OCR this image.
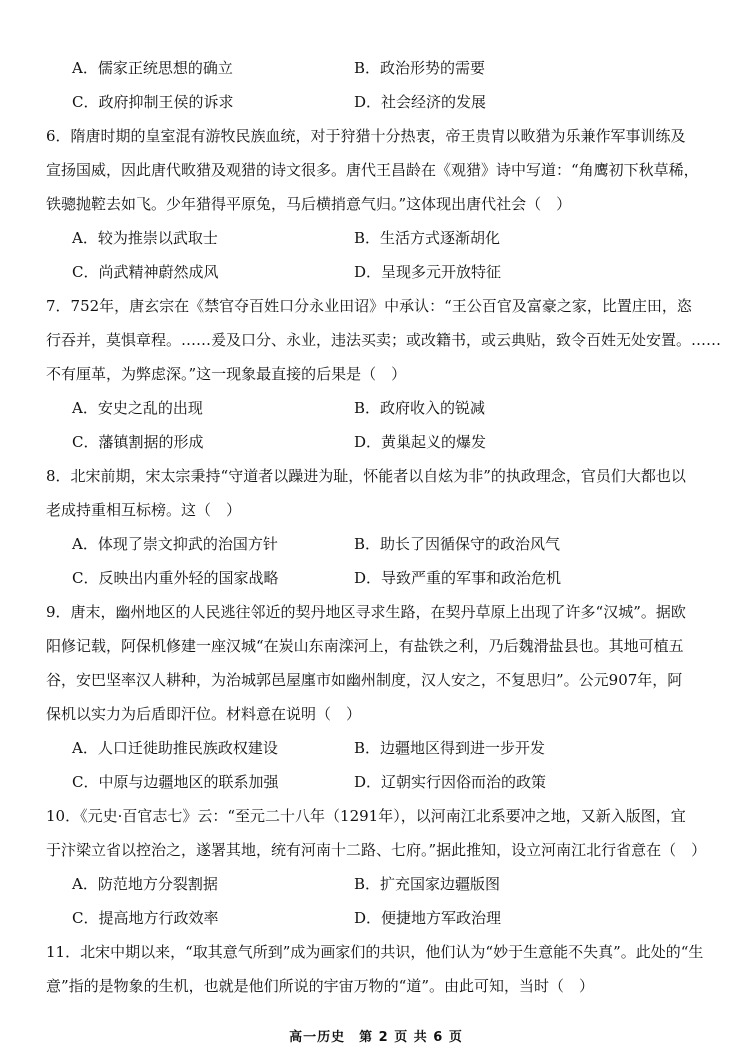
A．儒家正统思想的确立	B．政治形势的需要
C．政府抑制王侯的诉求	D．社会经济的发展
6．隋唐时期的皇室混有游牧民族血统，对于狩猎十分热衷，帝王贵胄以畋猎为乐兼作军事训练及
宣扬国威，因此唐代畋猎及观猎的诗文很多。唐代王昌龄在《观猎》诗中写道：“角鹰初下秋草稀，
铁骢抛鞚去如飞。少年猎得平原兔，马后横捎意气归。”这体现出唐代社会（　）
A．较为推崇以武取士	B．生活方式逐渐胡化
C．尚武精神蔚然成风	D．呈现多元开放特征
7．752年，唐玄宗在《禁官夺百姓口分永业田诏》中承认：“王公百官及富豪之家，比置庄田，恣
行吞并，莫惧章程。……爰及口分、永业，违法买卖；或改籍书，或云典贴，致令百姓无处安置。……
不有厘革，为弊虑深。”这一现象最直接的后果是（　）
A．安史之乱的出现	B．政府收入的锐减
C．藩镇割据的形成	D．黄巢起义的爆发
8．北宋前期，宋太宗秉持“守道者以躁进为耻，怀能者以自炫为非”的执政理念，官员们大都也以
老成持重相互标榜。这（　）
A．体现了崇文抑武的治国方针	B．助长了因循保守的政治风气
C．反映出内重外轻的国家战略	D．导致严重的军事和政治危机
9．唐末，幽州地区的人民逃往邻近的契丹地区寻求生路，在契丹草原上出现了许多“汉城”。据欧
阳修记载，阿保机修建一座汉城“在炭山东南滦河上，有盐铁之利，乃后魏滑盐县也。其地可植五
谷，安巴坚率汉人耕种，为治城郭邑屋廛市如幽州制度，汉人安之，不复思归”。公元907年，阿
保机以实力为后盾即汗位。材料意在说明（　）
A．人口迁徙助推民族政权建设	B．边疆地区得到进一步开发
C．中原与边疆地区的联系加强	D．辽朝实行因俗而治的政策
10．《元史·百官志七》云：“至元二十八年（1291年），以河南江北系要冲之地，又新入版图，宜
于汴梁立省以控治之，遂署其地，统有河南十二路、七府。”据此推知，设立河南江北行省意在（　）
A．防范地方分裂割据	B．扩充国家边疆版图
C．提高地方行政效率	D．便捷地方军政治理
11．北宋中期以来，“取其意气所到”成为画家们的共识，他们认为“妙于生意能不失真”。此处的“生
意”指的是物象的生机，也就是他们所说的宇宙万物的“道”。由此可知，当时（　）
高一历史　第 2 页 共 6 页
